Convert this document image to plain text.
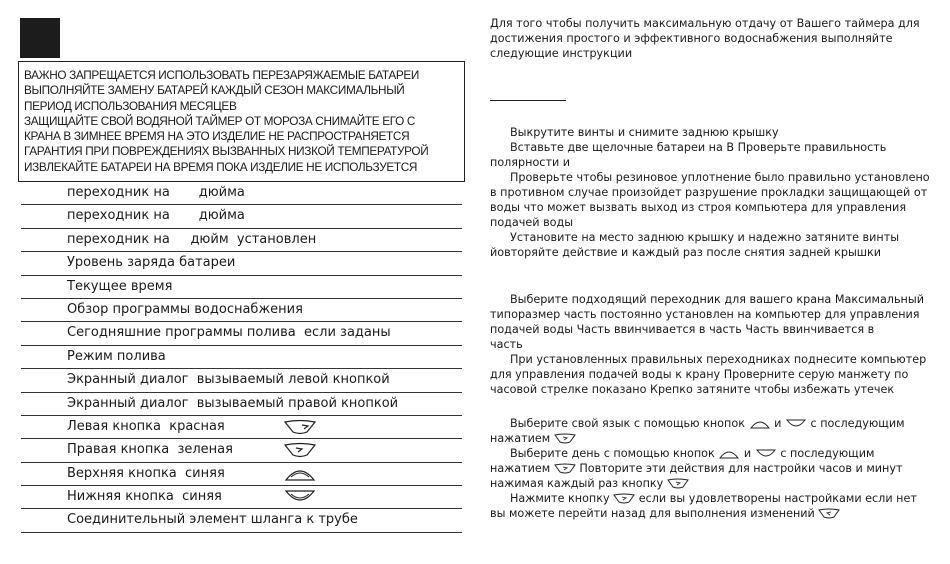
ВАЖНО ЗАПРЕЩАЕТСЯ ИСПОЛЬЗОВАТЬ ПЕРЕЗАРЯЖАЕМЫЕ БАТАРЕИ
ВЫПОЛНЯЙТЕ ЗАМЕНУ БАТАРЕЙ КАЖДЫЙ СЕЗОН МАКСИМАЛЬНЫЙ
ПЕРИОД ИСПОЛЬЗОВАНИЯ МЕСЯЦЕВ
ЗАЩИЩАЙТЕ СВОЙ ВОДЯНОЙ ТАЙМЕР ОТ МОРОЗА СНИМАЙТЕ ЕГО С
КРАНА В ЗИМНЕЕ ВРЕМЯ НА ЭТО ИЗДЕЛИЕ НЕ РАСПРОСТРАНЯЕТСЯ
ГАРАНТИЯ ПРИ ПОВРЕЖДЕНИЯХ ВЫЗВАННЫХ НИЗКОЙ ТЕМПЕРАТУРОЙ
ИЗВЛЕКАЙТЕ БАТАРЕИ НА ВРЕМЯ ПОКА ИЗДЕЛИЕ НЕ ИСПОЛЬЗУЕТСЯ
переходник на       дюйма
переходник на       дюйма
переходник на     дюйм  установлен
Уровень заряда батареи
Текущее время
Обзор программы водоснабжения
Сегодняшние программы полива  если заданы
Режим полива
Экранный диалог  вызываемый левой кнопкой
Экранный диалог  вызываемый правой кнопкой
Левая кнопка  красная
Правая кнопка  зеленая
Верхняя кнопка  синяя
Нижняя кнопка  синяя
Соединительный элемент шланга к трубе
Для того чтобы получить максимальную отдачу от Вашего таймера для
достижения простого и эффективного водоснабжения выполняйте
следующие инструкции
Выкрутите винты и снимите заднюю крышку
Вставьте две щелочные батареи на В Проверьте правильность
полярности и
Проверьте чтобы резиновое уплотнение было правильно установлено
в противном случае произойдет разрушение прокладки защищающей от
воды что может вызвать выход из строя компьютера для управления
подачей воды
Установите на место заднюю крышку и надежно затяните винты
йовторяйте действие и каждый раз после снятия задней крышки
Выберите подходящий переходник для вашего крана Максимальный
типоразмер часть постоянно установлен на компьютер для управления
подачей воды Часть ввинчивается в часть Часть ввинчивается в
часть
При установленных правильных переходниках поднесите компьютер
для управления подачей воды к крану Проверните серую манжету по
часовой стрелке показано Крепко затяните чтобы избежать утечек
Выберите свой язык с помощью кнопок	и	с последующим
нажатием
Выберите день с помощью кнопок	и	с последующим
нажатием	Повторите эти действия для настройки часов и минут
нажимая каждый раз кнопку
Нажмите кнопку	если вы удовлетворены настройками если нет
вы можете перейти назад для выполнения изменений
